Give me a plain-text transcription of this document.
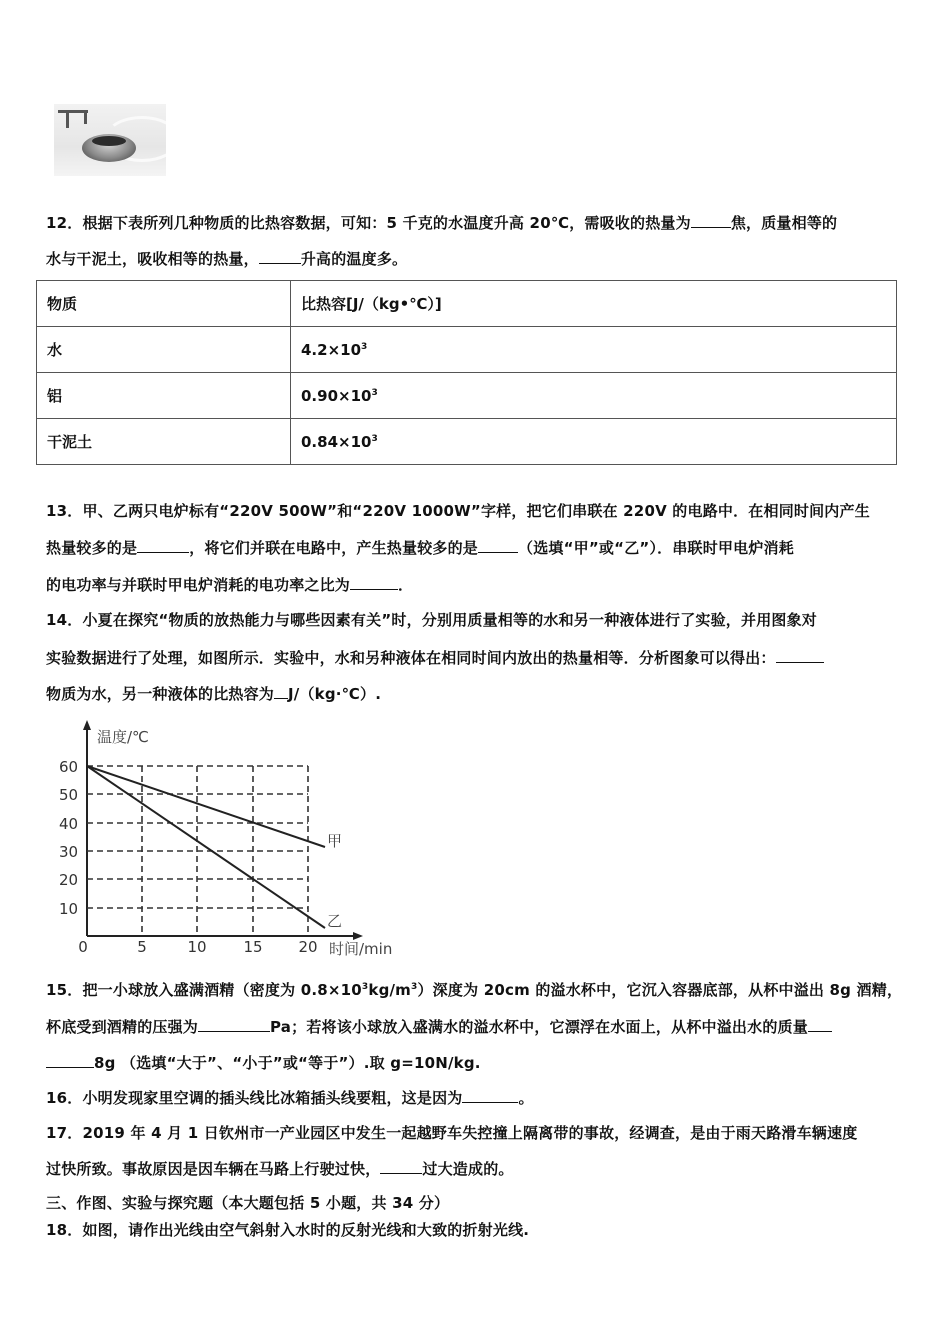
12．根据下表所列几种物质的比热容数据，可知：5 千克的水温度升高 20℃，需吸收的热量为	焦，质量相等的
水与干泥土，吸收相等的热量，	升高的温度多。
物质	比热容[J/（kg•℃）]
水	$4.2\times 10^3$
铝	$0.90\times 10^3$
干泥土	$0.84\times 10^3$
13．甲、乙两只电炉标有“220V 500W”和“220V 1000W”字样，把它们串联在 220V 的电路中．在相同时间内产生
热量较多的是	，将它们并联在电路中，产生热量较多的是	（选填“甲”或“乙”）．串联时甲电炉消耗
的电功率与并联时甲电炉消耗的电功率之比为	．
14．小夏在探究“物质的放热能力与哪些因素有关”时，分别用质量相等的水和另一种液体进行了实验，并用图象对
实验数据进行了处理，如图所示．实验中，水和另种液体在相同时间内放出的热量相等．分析图象可以得出：
物质为水，另一种液体的比热容为 J/（kg·℃）.
60
50
40
30
20
10
0	5	10 15 20
温度/℃
时间/min
甲
乙
15．把一小球放入盛满酒精（密度为 $0.8\times 10^3kg/m^3$）深度为 20cm 的溢水杯中，它沉入容器底部，从杯中溢出 8g 酒精，
杯底受到酒精的压强为	Pa；若将该小球放入盛满水的溢水杯中，它漂浮在水面上，从杯中溢出水的质量
8g （选填“大于”、“小于”或“等于”）.取 g=10N/kg.
16．小明发现家里空调的插头线比冰箱插头线要粗，这是因为	。
17．2019 年 4 月 1 日钦州市一产业园区中发生一起越野车失控撞上隔离带的事故，经调查，是由于雨天路滑车辆速度
过快所致。事故原因是因车辆在马路上行驶过快，	过大造成的。
三、作图、实验与探究题（本大题包括 5 小题，共 34 分）
18．如图，请作出光线由空气斜射入水时的反射光线和大致的折射光线.
